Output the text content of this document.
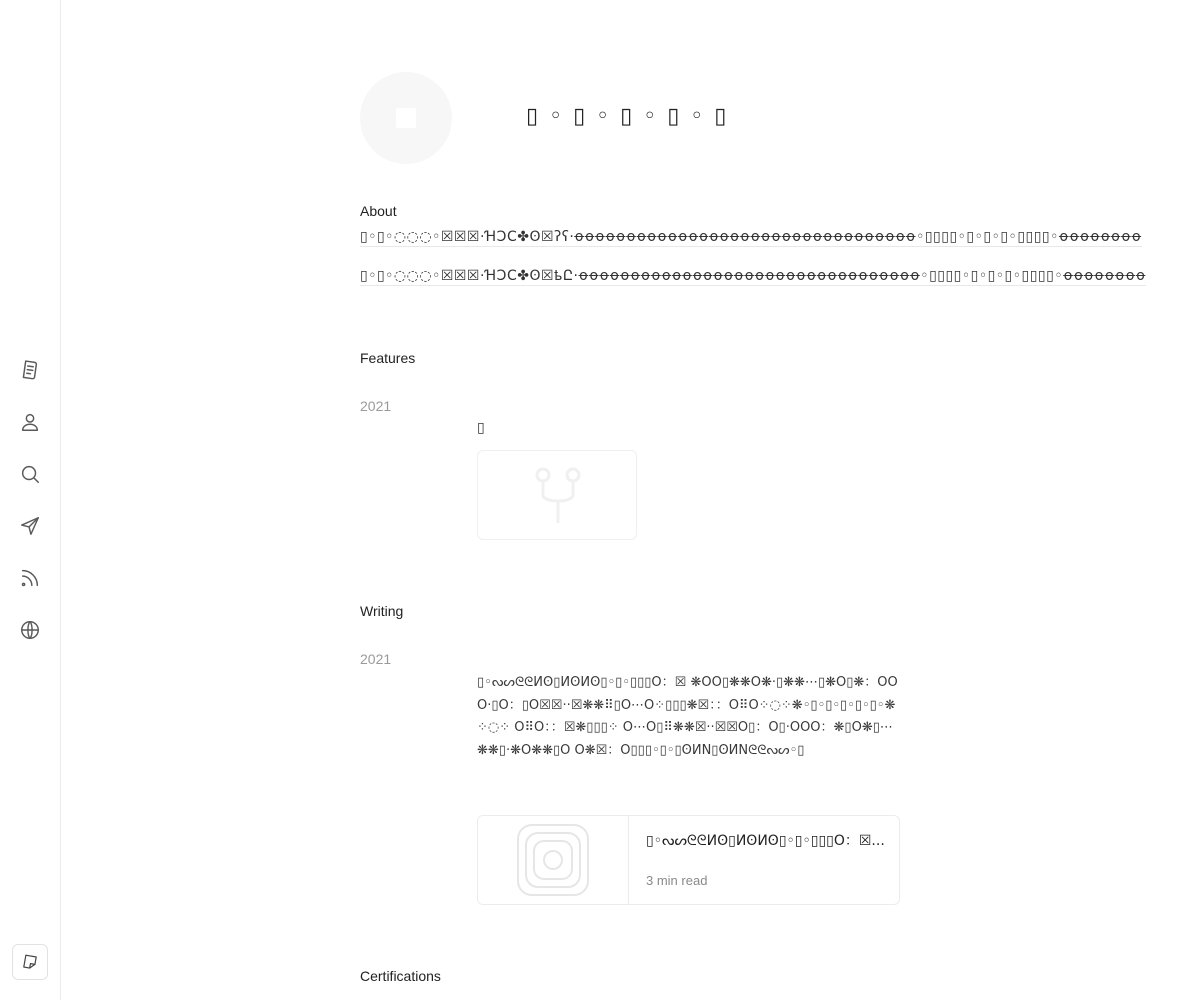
▯ ◦ ▯ ◦ ▯ ◦ ▯ ◦ ▯
About
▯◦▯◦◌◌◌◦☒☒☒·ꞪƆϹ✤ʘ☒ʔʕ·ꝋꝋꝋꝋꝋꝋꝋꝋꝋꝋꝋꝋꝋꝋꝋꝋꝋꝋꝋꝋꝋꝋꝋꝋꝋꝋꝋꝋꝋꝋꝋꝋꝋ◦▯▯▯▯◦▯◦▯◦▯◦▯▯▯▯◦ꝋꝋꝋꝋꝋꝋꝋꝋ
▯◦▯◦◌◌◌◦☒☒☒·ꞪƆϹ✤ʘ☒ҍԸ·ꝋꝋꝋꝋꝋꝋꝋꝋꝋꝋꝋꝋꝋꝋꝋꝋꝋꝋꝋꝋꝋꝋꝋꝋꝋꝋꝋꝋꝋꝋꝋꝋꝋ◦▯▯▯▯◦▯◦▯◦▯◦▯▯▯▯◦ꝋꝋꝋꝋꝋꝋꝋꝋ
Features
2021
▯
Writing
2021
▯◦ᔓᔕᘓᘓИʘ▯ИʘИʘ▯◦▯◦▯▯▯O：☒ ❋OO▯❋❋O❋·▯❋❋⋯▯❋O▯❋：OOO·▯O：▯O☒☒··☒❋❋⠿▯O⋯O⁘▯▯▯❋☒：：O⠿O⁘◌⁘❋◦▯◦▯◦▯◦▯◦▯◦❋⁘◌⁘ O⠿O：：☒❋▯▯▯⁘ O⋯O▯⠿❋❋☒··☒☒O▯：O▯·OOO：❋▯O❋▯⋯❋❋▯·❋O❋❋▯O O❋☒：O▯▯▯◦▯◦▯ʘИN▯ʘИNᘓᘓᔓᔕ◦▯
▯◦ᔓᔕᘓᘓИʘ▯ИʘИʘ▯◦▯◦▯▯▯O：☒...
3 min read
Certifications
